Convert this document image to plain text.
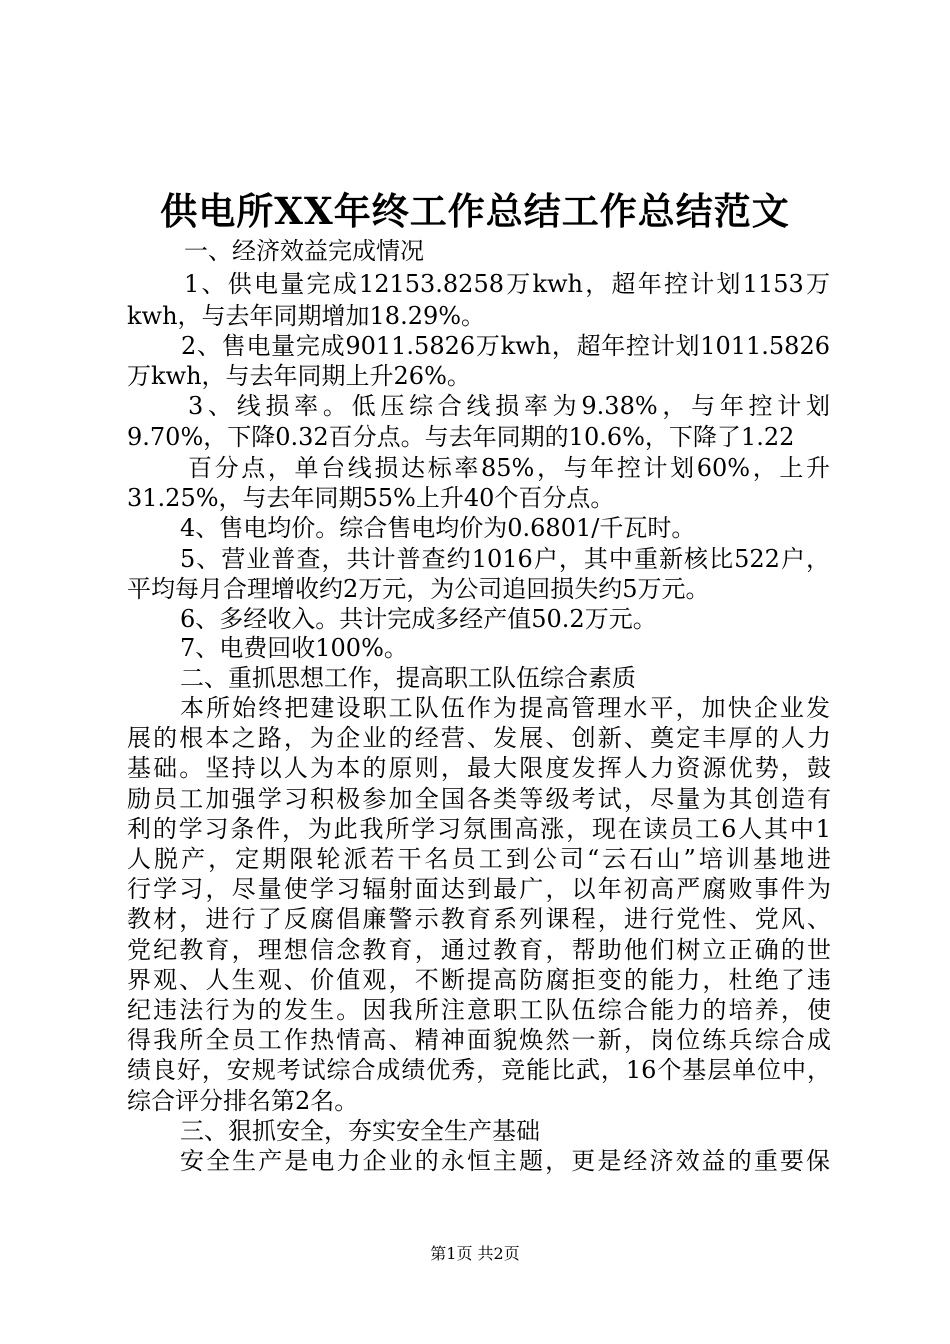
供电所XX年终工作总结工作总结范文

一、经济效益完成情况

1、供电量完成12153.8258万kwh，超年控计划1153万

kwh，与去年同期增加18.29%。

2、售电量完成9011.5826万kwh，超年控计划1011.5826

万kwh，与去年同期上升26%。

3、线损率。低压综合线损率为9.38%，与年控计划

9.70%，下降0.32百分点。与去年同期的10.6%，下降了1.22

百分点，单台线损达标率85%，与年控计划60%，上升

31.25%，与去年同期55%上升40个百分点。

4、售电均价。综合售电均价为0.6801/千瓦时。

5、营业普查，共计普查约1016户，其中重新核比522户，

平均每月合理增收约2万元，为公司追回损失约5万元。

6、多经收入。共计完成多经产值50.2万元。

7、电费回收100%。

二、重抓思想工作，提高职工队伍综合素质

本所始终把建设职工队伍作为提高管理水平，加快企业发

展的根本之路，为企业的经营、发展、创新、奠定丰厚的人力

基础。坚持以人为本的原则，最大限度发挥人力资源优势，鼓

励员工加强学习积极参加全国各类等级考试，尽量为其创造有

利的学习条件，为此我所学习氛围高涨，现在读员工6人其中1

人脱产，定期限轮派若干名员工到公司“云石山”培训基地进

行学习，尽量使学习辐射面达到最广，以年初高严腐败事件为

教材，进行了反腐倡廉警示教育系列课程，进行党性、党风、

党纪教育，理想信念教育，通过教育，帮助他们树立正确的世

界观、人生观、价值观，不断提高防腐拒变的能力，杜绝了违

纪违法行为的发生。因我所注意职工队伍综合能力的培养，使

得我所全员工作热情高、精神面貌焕然一新，岗位练兵综合成

绩良好，安规考试综合成绩优秀，竞能比武，16个基层单位中，

综合评分排名第2名。

三、狠抓安全，夯实安全生产基础

安全生产是电力企业的永恒主题，更是经济效益的重要保

第1页 共2页
